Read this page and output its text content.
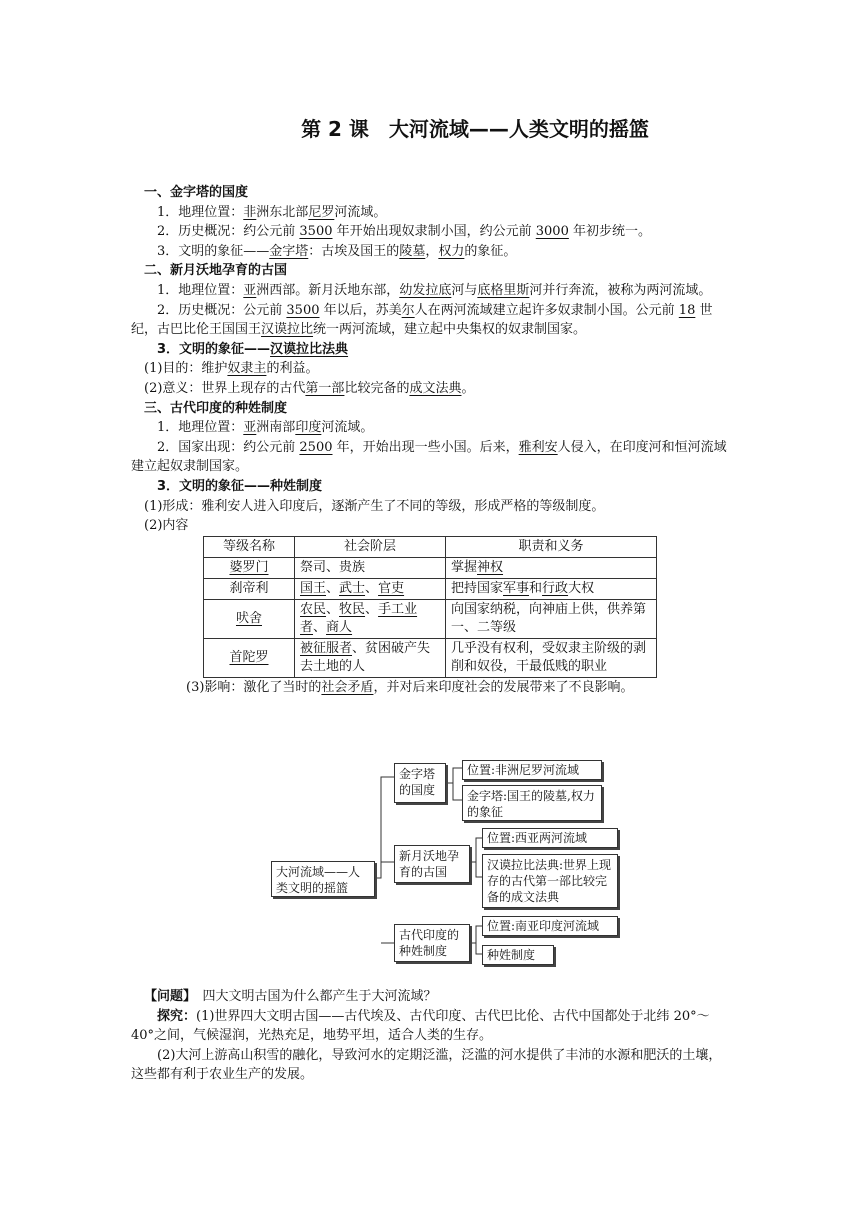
第 2 课　大河流域——人类文明的摇篮

一、金字塔的国度

1．地理位置：非洲东北部尼罗河流域。

2．历史概况：约公元前 3500 年开始出现奴隶制小国，约公元前 3000 年初步统一。

3．文明的象征——金字塔：古埃及国王的陵墓，权力的象征。

二、新月沃地孕育的古国

1．地理位置：亚洲西部。新月沃地东部，幼发拉底河与底格里斯河并行奔流，被称为两河流域。

2．历史概况：公元前 3500 年以后，苏美尔人在两河流域建立起许多奴隶制小国。公元前 18 世纪，古巴比伦王国国王汉谟拉比统一两河流域，建立起中央集权的奴隶制国家。

3．文明的象征——汉谟拉比法典

(1)目的：维护奴隶主的利益。

(2)意义：世界上现存的古代第一部比较完备的成文法典。

三、古代印度的种姓制度

1．地理位置：亚洲南部印度河流域。

2．国家出现：约公元前 2500 年，开始出现一些小国。后来，雅利安人侵入，在印度河和恒河流域建立起奴隶制国家。

3．文明的象征——种姓制度

(1)形成：雅利安人进入印度后，逐渐产生了不同的等级，形成严格的等级制度。

(2)内容

等级名称	社会阶层	职责和义务
婆罗门	祭司、贵族	掌握神权
刹帝利	国王、武士、官吏	把持国家军事和行政大权
吠舍	农民、牧民、手工业者、商人	向国家纳税，向神庙上供，供养第一、二等级
首陀罗	被征服者、贫困破产失去土地的人	几乎没有权利，受奴隶主阶级的剥削和奴役，干最低贱的职业

(3)影响：激化了当时的社会矛盾，并对后来印度社会的发展带来了不良影响。

大河流域——人类文明的摇篮
金字塔的国度
位置:非洲尼罗河流域
金字塔:国王的陵墓,权力的象征
新月沃地孕育的古国
位置:西亚两河流域
汉谟拉比法典:世界上现存的古代第一部比较完备的成文法典
古代印度的种姓制度
位置:南亚印度河流域
种姓制度

【问题】　四大文明古国为什么都产生于大河流域？

探究：(1)世界四大文明古国——古代埃及、古代印度、古代巴比伦、古代中国都处于北纬 20°～40°之间，气候湿润，光热充足，地势平坦，适合人类的生存。

(2)大河上游高山积雪的融化，导致河水的定期泛滥，泛滥的河水提供了丰沛的水源和肥沃的土壤，这些都有利于农业生产的发展。
